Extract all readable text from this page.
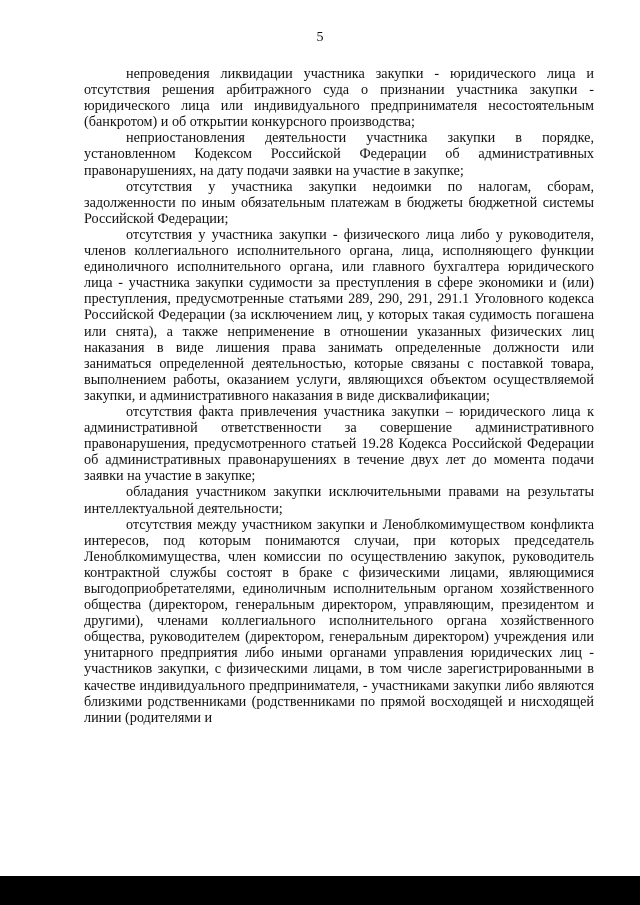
5

непроведения ликвидации участника закупки - юридического лица и отсутствия решения арбитражного суда о признании участника закупки - юридического лица или индивидуального предпринимателя несостоятельным (банкротом) и об открытии конкурсного производства;

неприостановления деятельности участника закупки в порядке, установленном Кодексом Российской Федерации об административных правонарушениях, на дату подачи заявки на участие в закупке;

отсутствия у участника закупки недоимки по налогам, сборам, задолженности по иным обязательным платежам в бюджеты бюджетной системы Российской Федерации;

отсутствия у участника закупки - физического лица либо у руководителя, членов коллегиального исполнительного органа, лица, исполняющего функции единоличного исполнительного органа, или главного бухгалтера юридического лица - участника закупки судимости за преступления в сфере экономики и (или) преступления, предусмотренные статьями 289, 290, 291, 291.1 Уголовного кодекса Российской Федерации (за исключением лиц, у которых такая судимость погашена или снята), а также неприменение в отношении указанных физических лиц наказания в виде лишения права занимать определенные должности или заниматься определенной деятельностью, которые связаны с поставкой товара, выполнением работы, оказанием услуги, являющихся объектом осуществляемой закупки, и административного наказания в виде дисквалификации;

отсутствия факта привлечения участника закупки – юридического лица к административной ответственности за совершение административного правонарушения, предусмотренного статьей 19.28 Кодекса Российской Федерации об административных правонарушениях в течение двух лет до момента подачи заявки на участие в закупке;

обладания участником закупки исключительными правами на результаты интеллектуальной деятельности;

отсутствия между участником закупки и Леноблкомимуществом конфликта интересов, под которым понимаются случаи, при которых председатель Леноблкомимущества, член комиссии по осуществлению закупок, руководитель контрактной службы состоят в браке с физическими лицами, являющимися выгодоприобретателями, единоличным исполнительным органом хозяйственного общества (директором, генеральным директором, управляющим, президентом и другими), членами коллегиального исполнительного органа хозяйственного общества, руководителем (директором, генеральным директором) учреждения или унитарного предприятия либо иными органами управления юридических лиц - участников закупки, с физическими лицами, в том числе зарегистрированными в качестве индивидуального предпринимателя, - участниками закупки либо являются близкими родственниками (родственниками по прямой восходящей и нисходящей линии (родителями и
